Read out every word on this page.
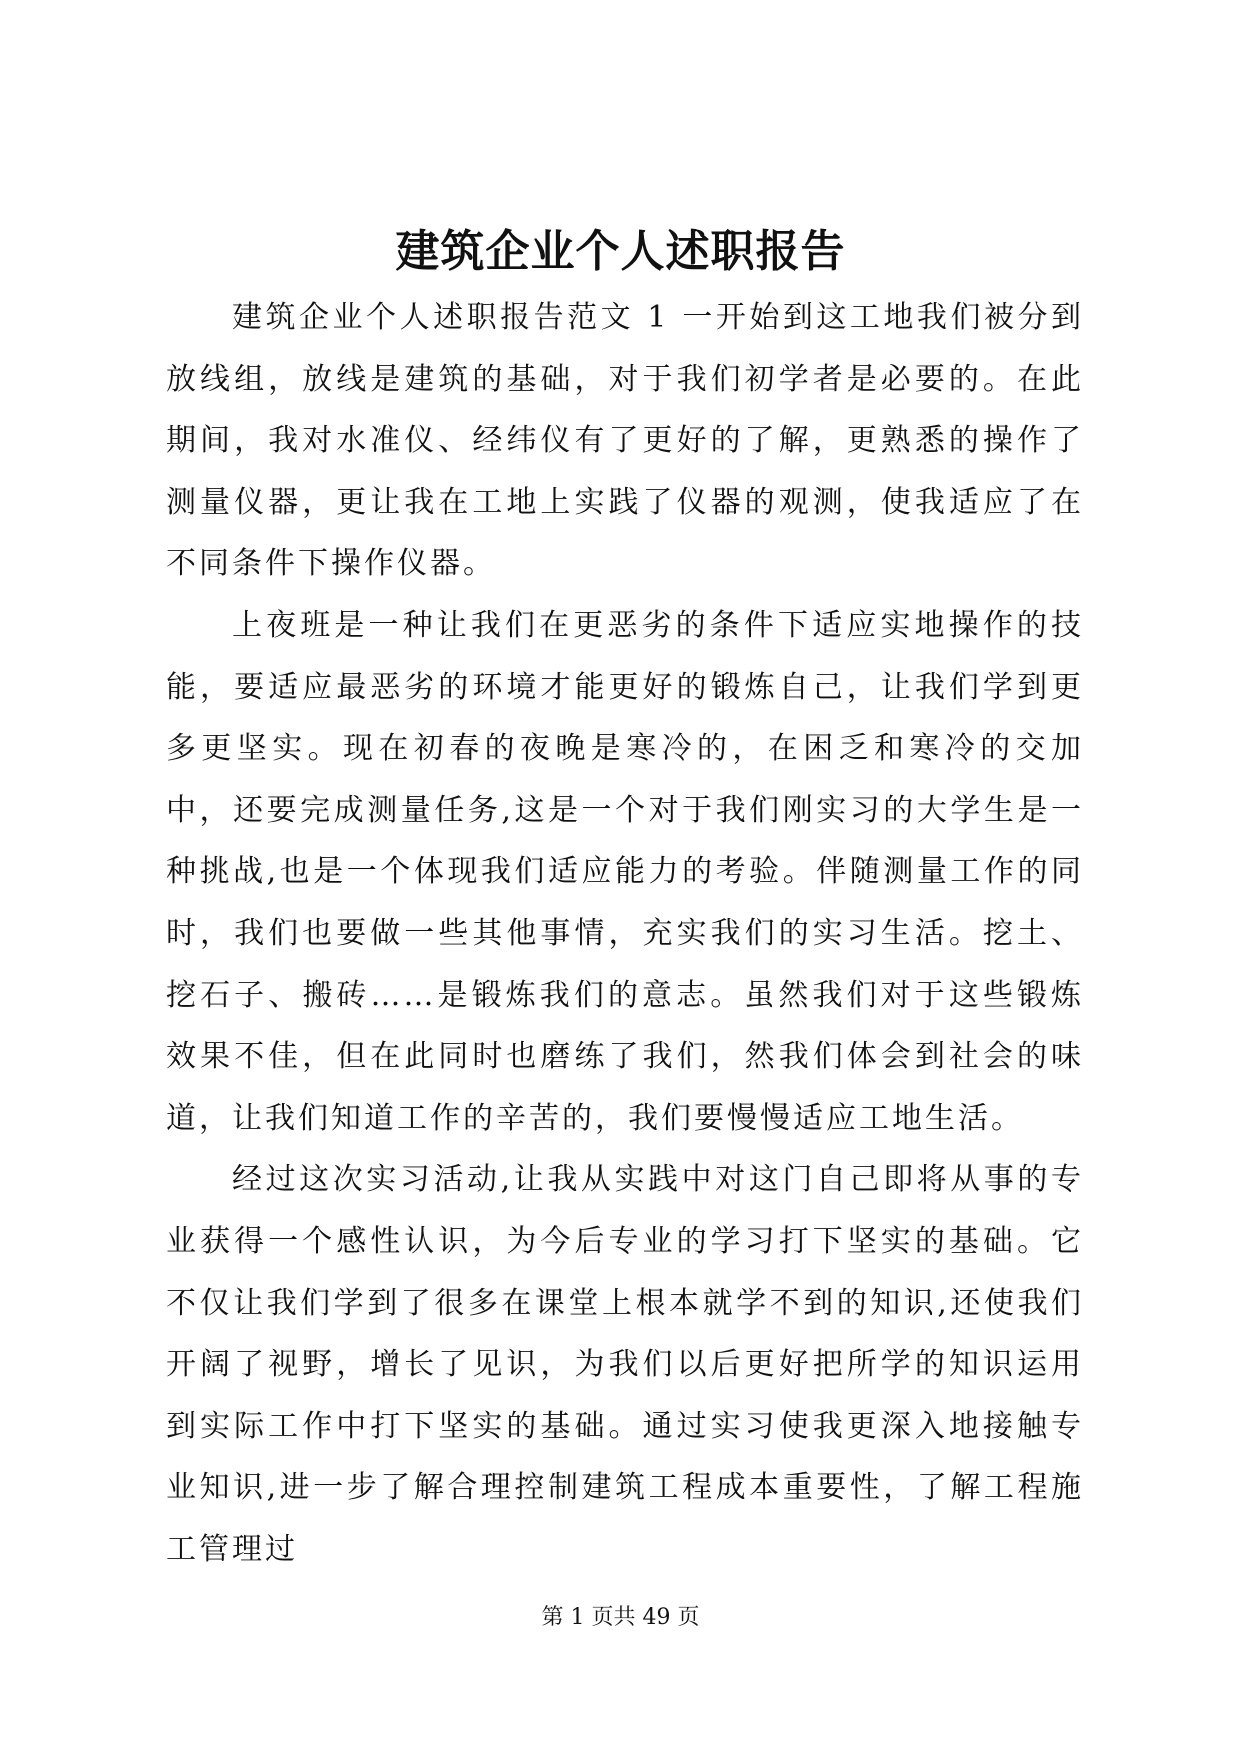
建筑企业个人述职报告

建筑企业个人述职报告范文 1 一开始到这工地我们被分到放线组，放线是建筑的基础，对于我们初学者是必要的。在此期间，我对水准仪、经纬仪有了更好的了解，更熟悉的操作了测量仪器，更让我在工地上实践了仪器的观测，使我适应了在不同条件下操作仪器。

上夜班是一种让我们在更恶劣的条件下适应实地操作的技能，要适应最恶劣的环境才能更好的锻炼自己，让我们学到更多更坚实。现在初春的夜晚是寒冷的，在困乏和寒冷的交加中，还要完成测量任务,这是一个对于我们刚实习的大学生是一种挑战,也是一个体现我们适应能力的考验。伴随测量工作的同时，我们也要做一些其他事情，充实我们的实习生活。挖土、挖石子、搬砖……是锻炼我们的意志。虽然我们对于这些锻炼效果不佳，但在此同时也磨练了我们，然我们体会到社会的味道，让我们知道工作的辛苦的，我们要慢慢适应工地生活。

经过这次实习活动,让我从实践中对这门自己即将从事的专业获得一个感性认识，为今后专业的学习打下坚实的基础。它不仅让我们学到了很多在课堂上根本就学不到的知识,还使我们开阔了视野，增长了见识，为我们以后更好把所学的知识运用到实际工作中打下坚实的基础。通过实习使我更深入地接触专业知识,进一步了解合理控制建筑工程成本重要性，了解工程施工管理过

第 1 页共 49 页
